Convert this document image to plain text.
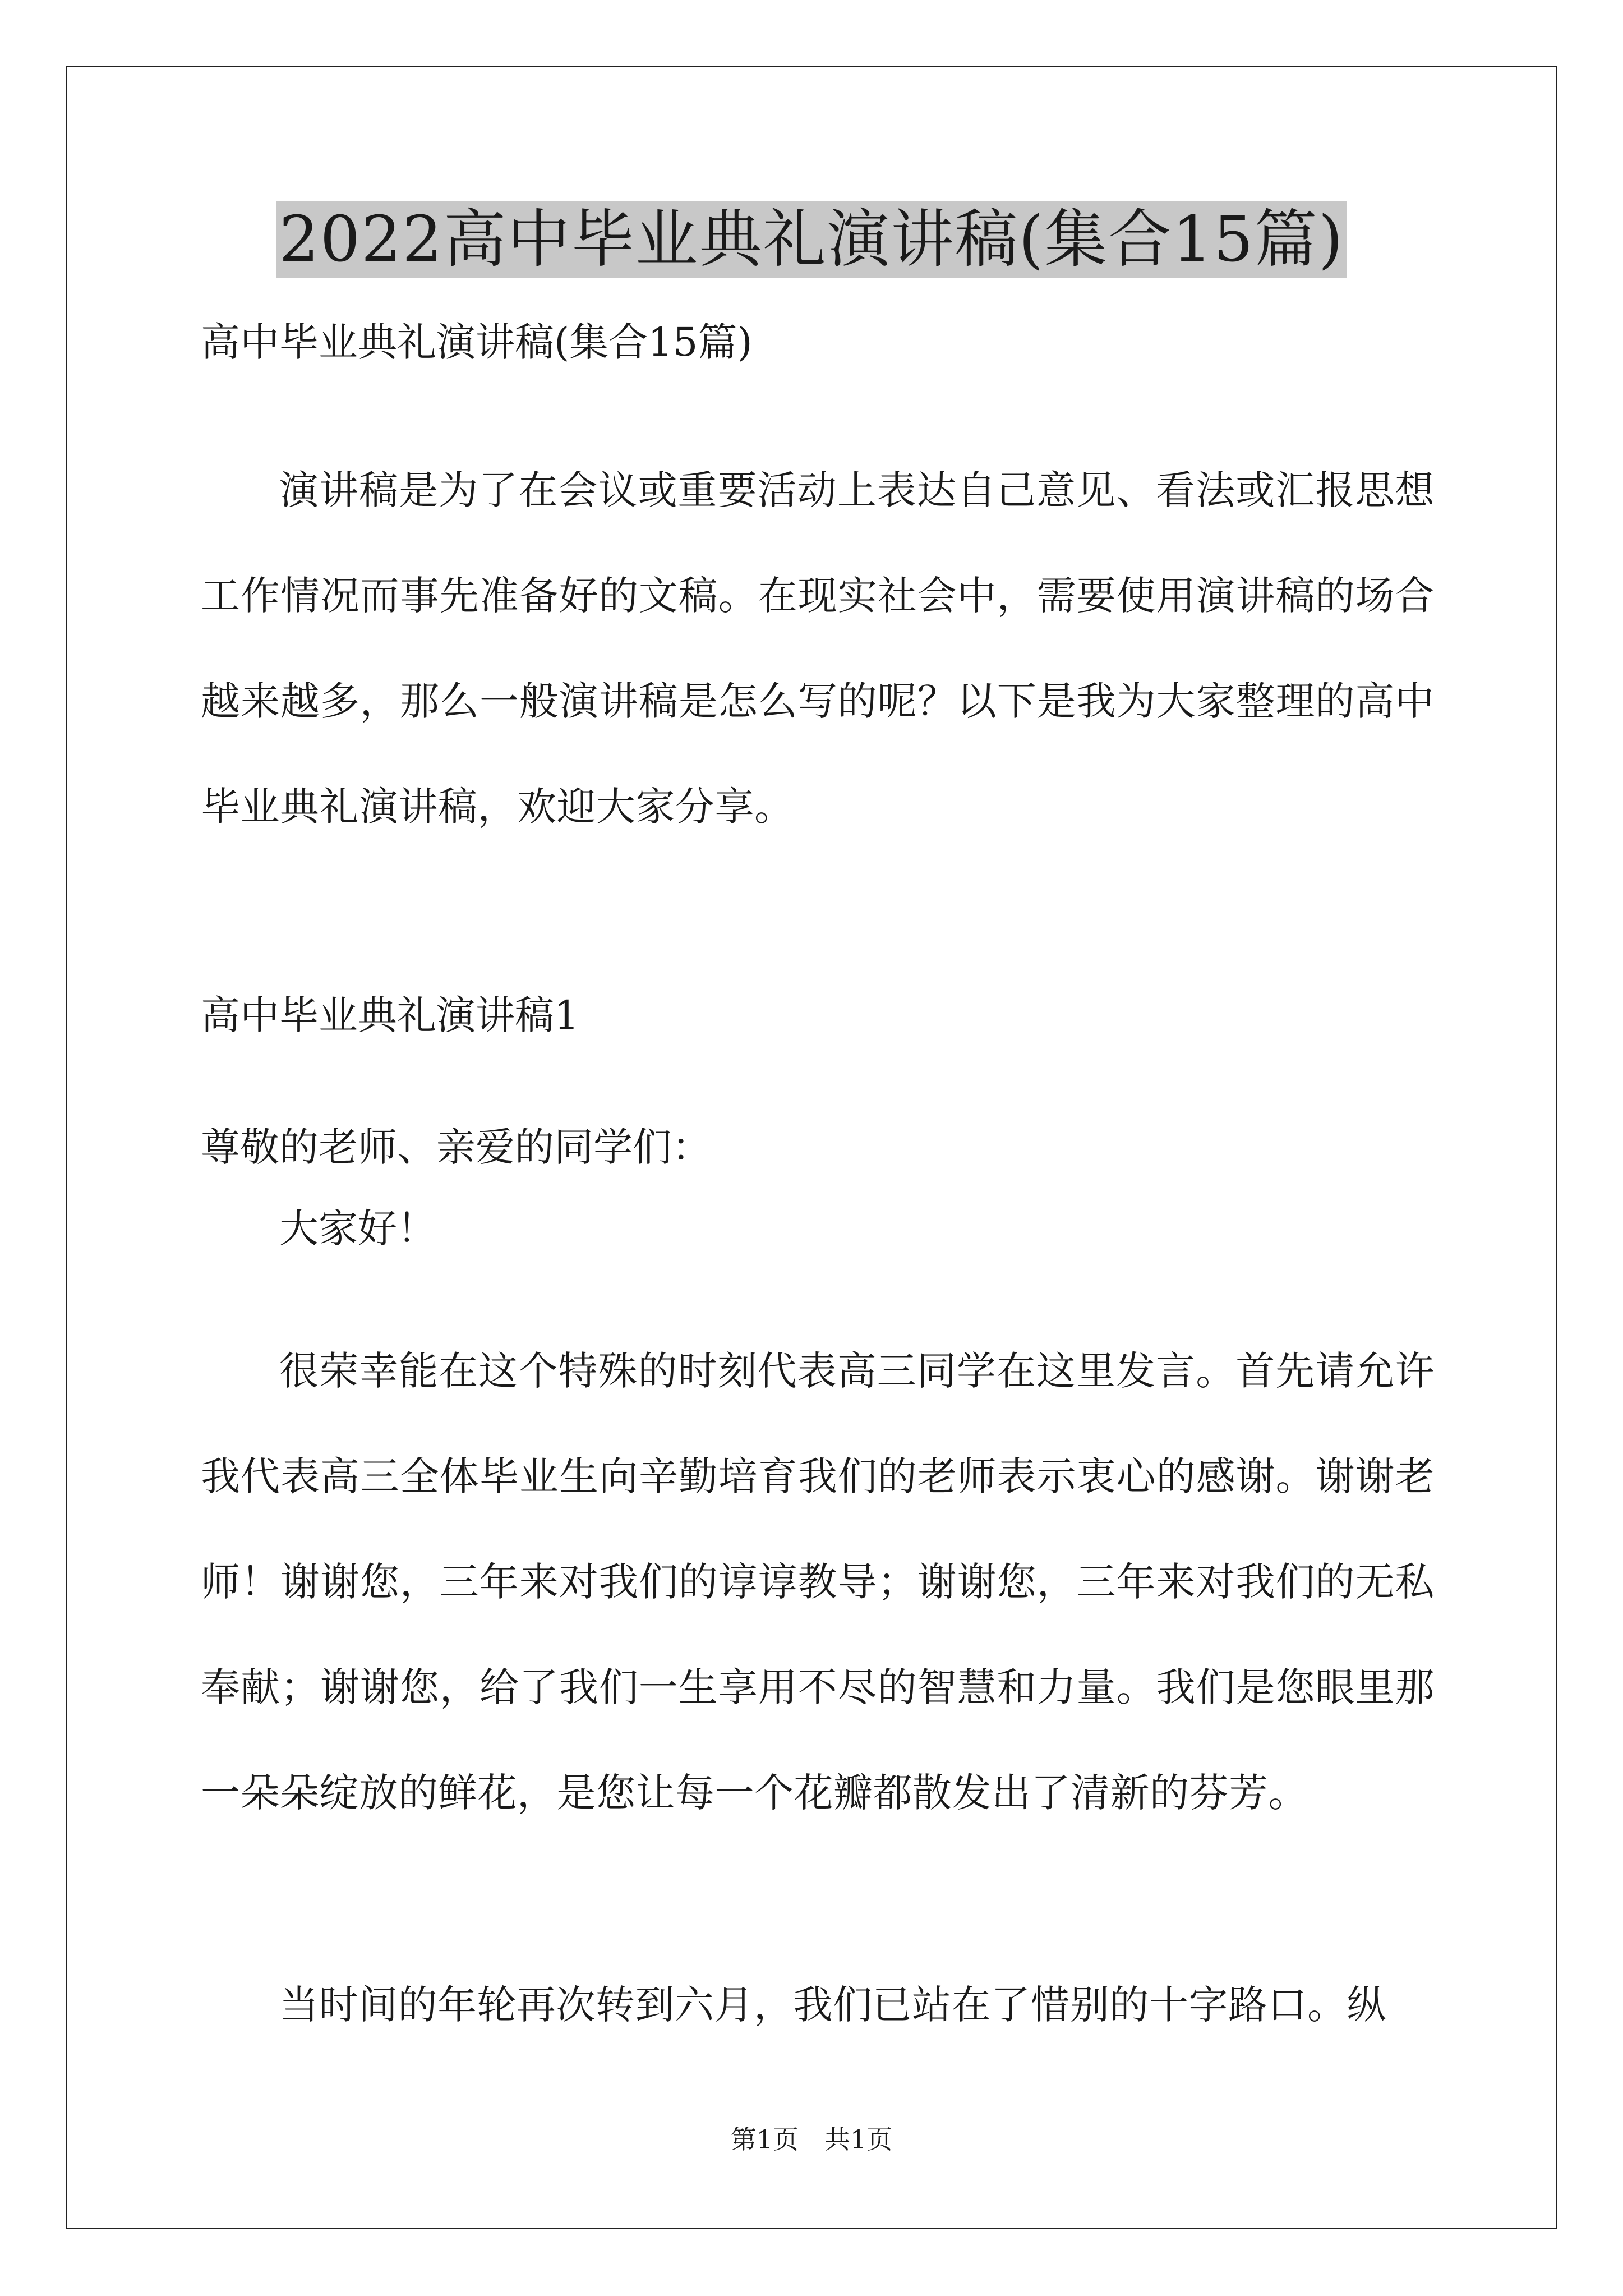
2022高中毕业典礼演讲稿(集合15篇)
高中毕业典礼演讲稿(集合15篇)
演讲稿是为了在会议或重要活动上表达自己意见、看法或汇报思想工作情况而事先准备好的文稿。在现实社会中，需要使用演讲稿的场合越来越多，那么一般演讲稿是怎么写的呢？以下是我为大家整理的高中毕业典礼演讲稿，欢迎大家分享。
高中毕业典礼演讲稿1
尊敬的老师、亲爱的同学们：
大家好！
很荣幸能在这个特殊的时刻代表高三同学在这里发言。首先请允许我代表高三全体毕业生向辛勤培育我们的老师表示衷心的感谢。谢谢老师！谢谢您，三年来对我们的谆谆教导；谢谢您，三年来对我们的无私奉献；谢谢您，给了我们一生享用不尽的智慧和力量。我们是您眼里那一朵朵绽放的鲜花，是您让每一个花瓣都散发出了清新的芬芳。
当时间的年轮再次转到六月，我们已站在了惜别的十字路口。纵
第1页 共1页
